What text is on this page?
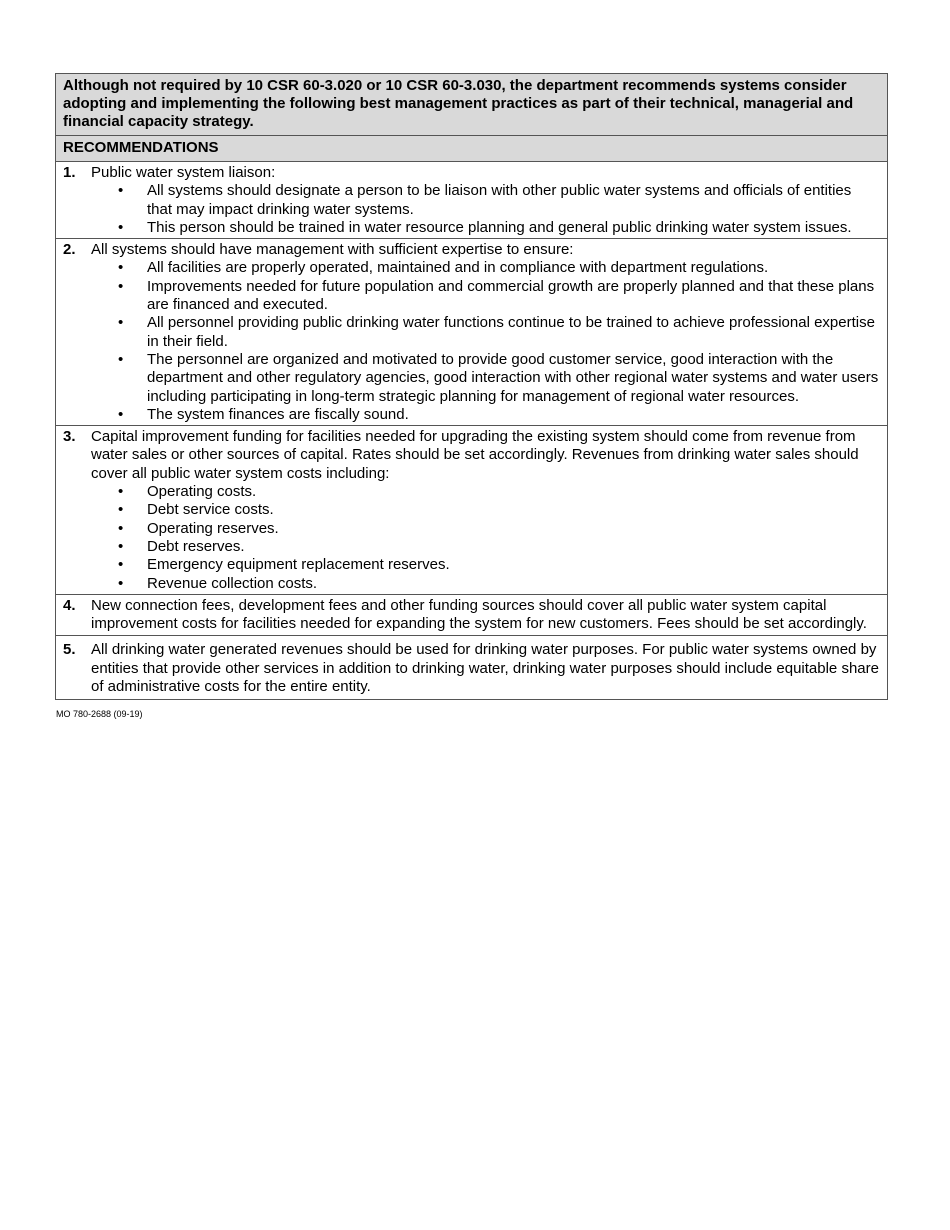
Although not required by 10 CSR 60-3.020 or 10 CSR 60-3.030, the department recommends systems consider adopting and implementing the following best management practices as part of their technical, managerial and financial capacity strategy.
RECOMMENDATIONS
1. Public water system liaison:
• All systems should designate a person to be liaison with other public water systems and officials of entities that may impact drinking water systems.
• This person should be trained in water resource planning and general public drinking water system issues.
2. All systems should have management with sufficient expertise to ensure:
• All facilities are properly operated, maintained and in compliance with department regulations.
• Improvements needed for future population and commercial growth are properly planned and that these plans are financed and executed.
• All personnel providing public drinking water functions continue to be trained to achieve professional expertise in their field.
• The personnel are organized and motivated to provide good customer service, good interaction with the department and other regulatory agencies, good interaction with other regional water systems and water users including participating in long-term strategic planning for management of regional water resources.
• The system finances are fiscally sound.
3. Capital improvement funding for facilities needed for upgrading the existing system should come from revenue from water sales or other sources of capital. Rates should be set accordingly. Revenues from drinking water sales should cover all public water system costs including:
• Operating costs.
• Debt service costs.
• Operating reserves.
• Debt reserves.
• Emergency equipment replacement reserves.
• Revenue collection costs.
4. New connection fees, development fees and other funding sources should cover all public water system capital improvement costs for facilities needed for expanding the system for new customers. Fees should be set accordingly.
5. All drinking water generated revenues should be used for drinking water purposes. For public water systems owned by entities that provide other services in addition to drinking water, drinking water purposes should include equitable share of administrative costs for the entire entity.
MO 780-2688 (09-19)
